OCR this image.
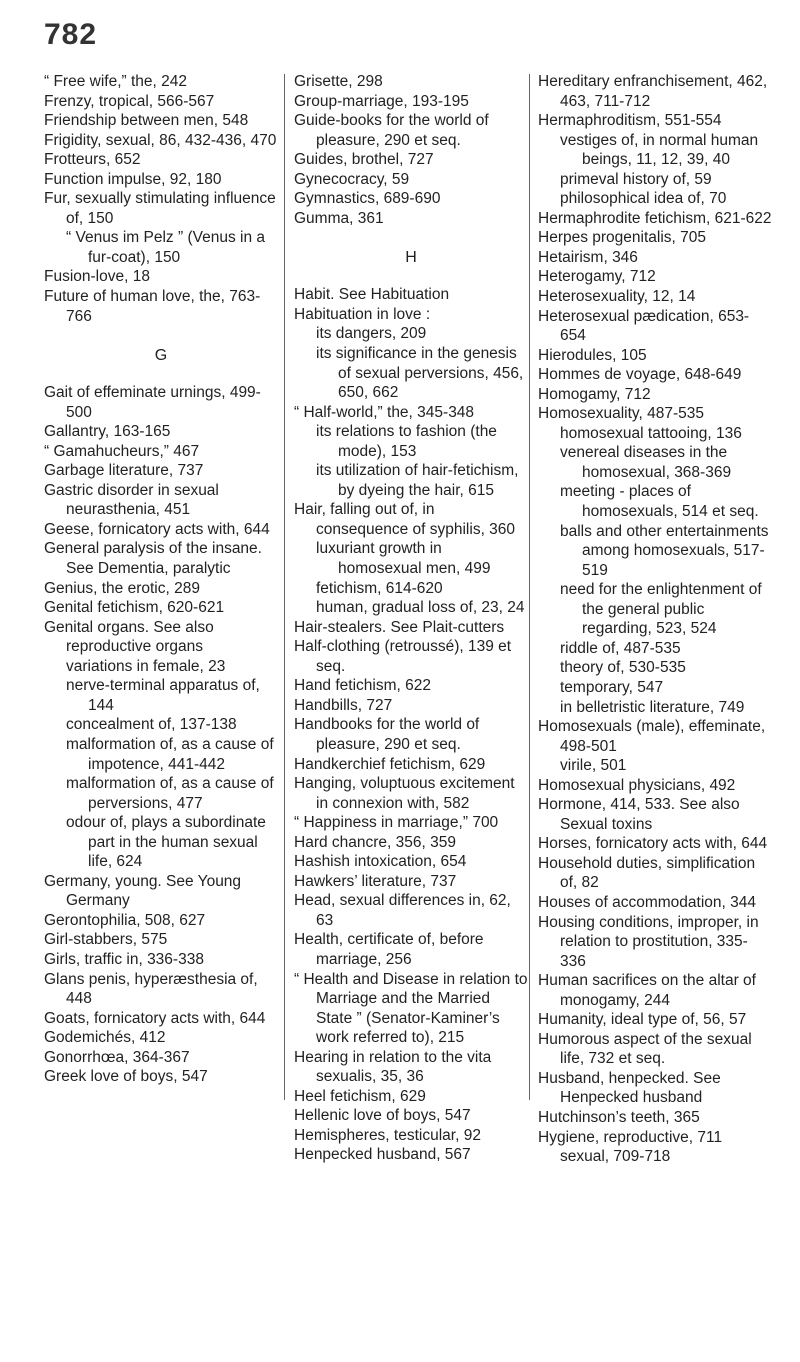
782

“ Free wife,” the, 242

Frenzy, tropical, 566-567

Friendship between men, 548

Frigidity, sexual, 86, 432-436, 470

Frotteurs, 652

Function impulse, 92, 180

Fur, sexually stimulating influence of, 150

“ Venus im Pelz ” (Venus in a fur-coat), 150

Fusion-love, 18

Future of human love, the, 763-766

G

Gait of effeminate urnings, 499-500

Gallantry, 163-165

“ Gamahucheurs,” 467

Garbage literature, 737

Gastric disorder in sexual neurasthenia, 451

Geese, fornicatory acts with, 644

General paralysis of the insane. See Dementia, paralytic

Genius, the erotic, 289

Genital fetichism, 620-621

Genital organs. See also reproductive organs

variations in female, 23

nerve-terminal apparatus of, 144

concealment of, 137-138

malformation of, as a cause of impotence, 441-442

malformation of, as a cause of perversions, 477

odour of, plays a subordinate part in the human sexual life, 624

Germany, young. See Young Germany

Gerontophilia, 508, 627

Girl-stabbers, 575

Girls, traffic in, 336-338

Glans penis, hyperæsthesia of, 448

Goats, fornicatory acts with, 644

Godemichés, 412

Gonorrhœa, 364-367

Greek love of boys, 547

Grisette, 298

Group-marriage, 193-195

Guide-books for the world of pleasure, 290 et seq.

Guides, brothel, 727

Gynecocracy, 59

Gymnastics, 689-690

Gumma, 361

H

Habit. See Habituation

Habituation in love :

its dangers, 209

its significance in the genesis of sexual perversions, 456, 650, 662

“ Half-world,” the, 345-348

its relations to fashion (the mode), 153

its utilization of hair-fetichism, by dyeing the hair, 615

Hair, falling out of, in consequence of syphilis, 360

luxuriant growth in homosexual men, 499

fetichism, 614-620

human, gradual loss of, 23, 24

Hair-stealers. See Plait-cutters

Half-clothing (retroussé), 139 et seq.

Hand fetichism, 622

Handbills, 727

Handbooks for the world of pleasure, 290 et seq.

Handkerchief fetichism, 629

Hanging, voluptuous excitement in connexion with, 582

“ Happiness in marriage,” 700

Hard chancre, 356, 359

Hashish intoxication, 654

Hawkers’ literature, 737

Head, sexual differences in, 62, 63

Health, certificate of, before marriage, 256

“ Health and Disease in relation to Marriage and the Married State ” (Senator-Kaminer’s work referred to), 215

Hearing in relation to the vita sexualis, 35, 36

Heel fetichism, 629

Hellenic love of boys, 547

Hemispheres, testicular, 92

Henpecked husband, 567

Hereditary enfranchisement, 462, 463, 711-712

Hermaphroditism, 551-554

vestiges of, in normal human beings, 11, 12, 39, 40

primeval history of, 59

philosophical idea of, 70

Hermaphrodite fetichism, 621-622

Herpes progenitalis, 705

Hetairism, 346

Heterogamy, 712

Heterosexuality, 12, 14

Heterosexual pædication, 653-654

Hierodules, 105

Hommes de voyage, 648-649

Homogamy, 712

Homosexuality, 487-535

homosexual tattooing, 136

venereal diseases in the homosexual, 368-369

meeting - places of homosexuals, 514 et seq.

balls and other entertainments among homosexuals, 517-519

need for the enlightenment of the general public regarding, 523, 524

riddle of, 487-535

theory of, 530-535

temporary, 547

in belletristic literature, 749

Homosexuals (male), effeminate, 498-501

virile, 501

Homosexual physicians, 492

Hormone, 414, 533. See also Sexual toxins

Horses, fornicatory acts with, 644

Household duties, simplification of, 82

Houses of accommodation, 344

Housing conditions, improper, in relation to prostitution, 335-336

Human sacrifices on the altar of monogamy, 244

Humanity, ideal type of, 56, 57

Humorous aspect of the sexual life, 732 et seq.

Husband, henpecked. See Henpecked husband

Hutchinson’s teeth, 365

Hygiene, reproductive, 711

sexual, 709-718
